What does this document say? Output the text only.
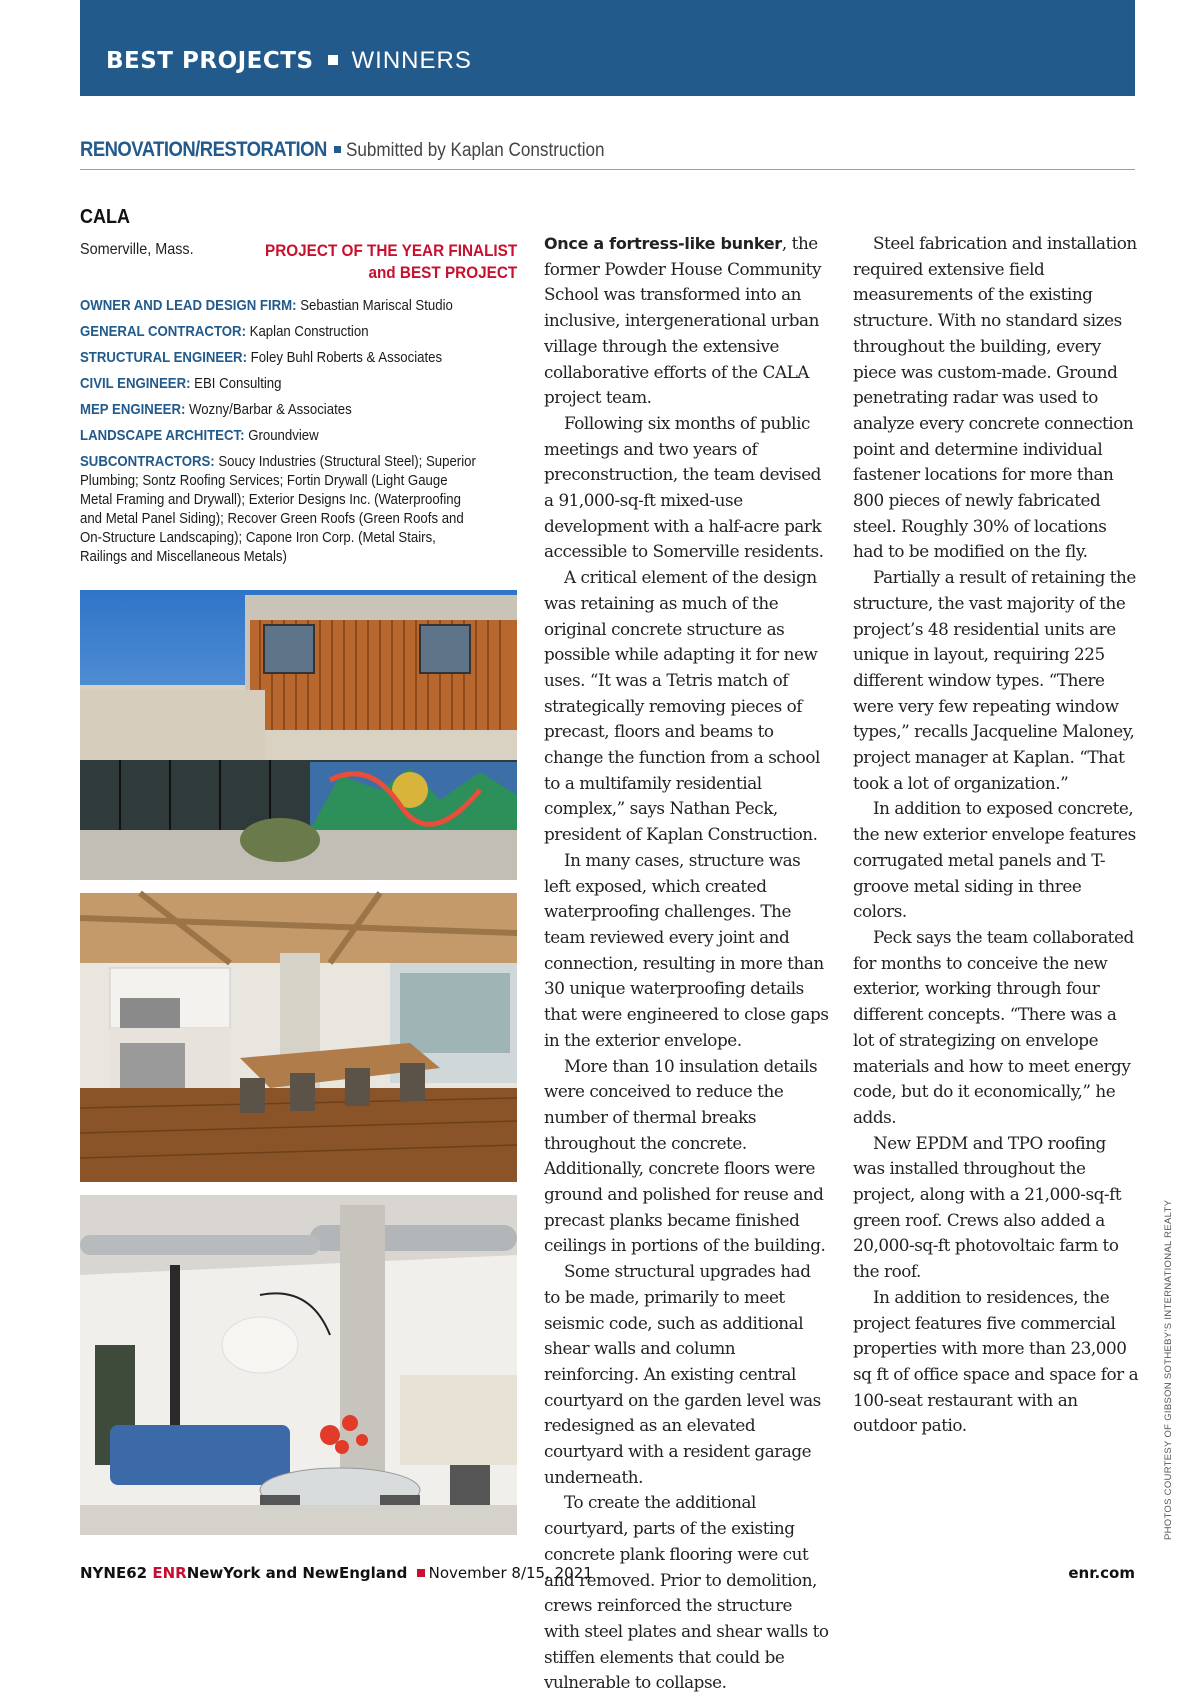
BEST PROJECTS WINNERS
RENOVATION/RESTORATION Submitted by Kaplan Construction
CALA
Somerville, Mass.	PROJECT OF THE YEAR FINALIST
and BEST PROJECT
OWNER AND LEAD DESIGN FIRM: Sebastian Mariscal Studio
GENERAL CONTRACTOR: Kaplan Construction
STRUCTURAL ENGINEER: Foley Buhl Roberts & Associates
CIVIL ENGINEER: EBI Consulting
MEP ENGINEER: Wozny/Barbar & Associates
LANDSCAPE ARCHITECT: Groundview
SUBCONTRACTORS: Soucy Industries (Structural Steel); Superior Plumbing; Sontz Roofing Services; Fortin Drywall (Light Gauge Metal Framing and Drywall); Exterior Designs Inc. (Waterproofing and Metal Panel Siding); Recover Green Roofs (Green Roofs and On-Structure Landscaping); Capone Iron Corp. (Metal Stairs, Railings and Miscellaneous Metals)

Once a fortress-like bunker, the former Powder House Community School was transformed into an inclusive, intergenerational urban village through the extensive collaborative efforts of the CALA project team.

Following six months of public meetings and two years of preconstruction, the team devised a 91,000-sq-ft mixed-use development with a half-acre park accessible to Somerville residents.

A critical element of the design was retaining as much of the original concrete structure as possible while adapting it for new uses. “It was a Tetris match of strategically removing pieces of precast, floors and beams to change the function from a school to a multifamily residential complex,” says Nathan Peck, president of Kaplan Construction.

In many cases, structure was left exposed, which created waterproofing challenges. The team reviewed every joint and connection, resulting in more than 30 unique waterproofing details that were engineered to close gaps in the exterior envelope.

More than 10 insulation details were conceived to reduce the number of thermal breaks throughout the concrete. Additionally, concrete floors were ground and polished for reuse and precast planks became finished ceilings in portions of the building.

Some structural upgrades had to be made, primarily to meet seismic code, such as additional shear walls and column reinforcing. An existing central courtyard on the garden level was redesigned as an elevated courtyard with a resident garage underneath.

To create the additional courtyard, parts of the existing concrete plank flooring were cut and removed. Prior to demolition, crews reinforced the structure with steel plates and shear walls to stiffen elements that could be vulnerable to collapse.

Steel fabrication and installation required extensive field measurements of the existing structure. With no standard sizes throughout the building, every piece was custom-made. Ground penetrating radar was used to analyze every concrete connection point and determine individual fastener locations for more than 800 pieces of newly fabricated steel. Roughly 30% of locations had to be modified on the fly.

Partially a result of retaining the structure, the vast majority of the project’s 48 residential units are unique in layout, requiring 225 different window types. “There were very few repeating window types,” recalls Jacqueline Maloney, project manager at Kaplan. “That took a lot of organization.”

In addition to exposed concrete, the new exterior envelope features corrugated metal panels and T-groove metal siding in three colors.

Peck says the team collaborated for months to conceive the new exterior, working through four different concepts. “There was a lot of strategizing on envelope materials and how to meet energy code, but do it economically,” he adds.

New EPDM and TPO roofing was installed throughout the project, along with a 21,000-sq-ft green roof. Crews also added a 20,000-sq-ft photovoltaic farm to the roof.

In addition to residences, the project features five commercial properties with more than 23,000 sq ft of office space and space for a 100-seat restaurant with an outdoor patio.	PHOTOS COURTESY OF GIBSON SOTHEBY’S INTERNATIONAL REALTY
NYNE62 ENRNewYork and NewEngland November 8/15, 2021	enr.com
